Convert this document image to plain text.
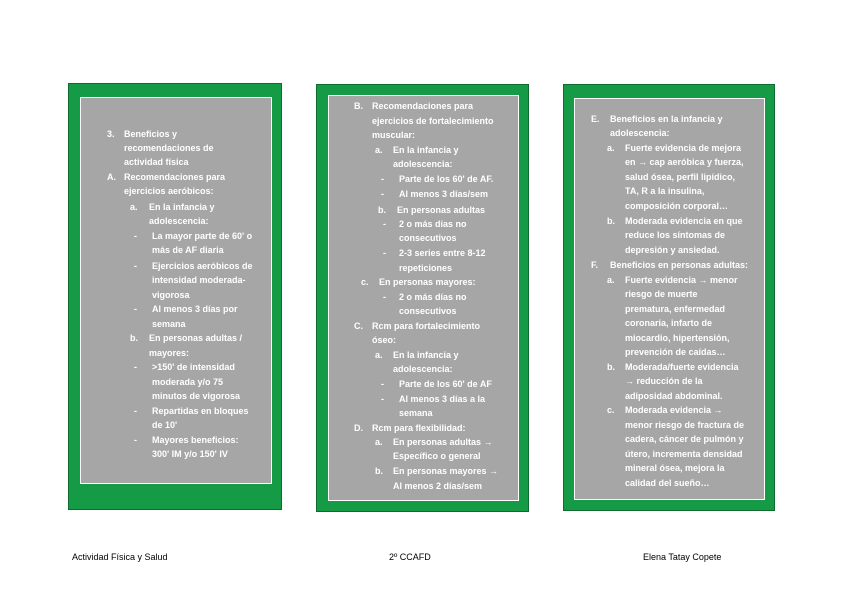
3. Beneficios y
recomendaciones de
actividad física
A. Recomendaciones para
ejercicios aeróbicos:
a. En la infancia y
adolescencia:
- La mayor parte de 60' o
más de AF diaria
- Ejercicios aeróbicos de
intensidad moderada-
vigorosa
- Al menos 3 días por
semana
b. En personas adultas /
mayores:
- >150' de intensidad
moderada y/o 75
minutos de vigorosa
- Repartidas en bloques
de 10'
- Mayores beneficios:
300' IM y/o 150' IV
B. Recomendaciones para
ejercicios de fortalecimiento
muscular:
a. En la infancia y
adolescencia:
- Parte de los 60' de AF.
- Al menos 3 días/sem
b. En personas adultas
- 2 o más días no
consecutivos
- 2-3 series entre 8-12
repeticiones
c. En personas mayores:
- 2 o más días no
consecutivos
C. Rcm para fortalecimiento
óseo:
a. En la infancia y
adolescencia:
- Parte de los 60' de AF
- Al menos 3 días a la
semana
D. Rcm para flexibilidad:
a. En personas adultas →
Específico o general
b. En personas mayores →
Al menos 2 días/sem
E. Beneficios en la infancia y
adolescencia:
a. Fuerte evidencia de mejora
en → cap aeróbica y fuerza,
salud ósea, perfil lipídico,
TA, R a la insulina,
composición corporal…
b. Moderada evidencia en que
reduce los síntomas de
depresión y ansiedad.
F. Beneficios en personas adultas:
a. Fuerte evidencia → menor
riesgo de muerte
prematura, enfermedad
coronaria, infarto de
miocardio, hipertensión,
prevención de caídas…
b. Moderada/fuerte evidencia
→ reducción de la
adiposidad abdominal.
c. Moderada evidencia →
menor riesgo de fractura de
cadera, cáncer de pulmón y
útero, incrementa densidad
mineral ósea, mejora la
calidad del sueño…
Actividad Física y Salud	2º CCAFD	Elena Tatay Copete
